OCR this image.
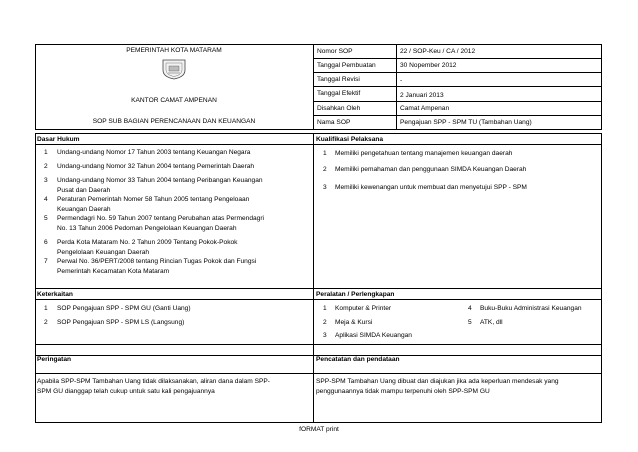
PEMERINTAH KOTA MATARAM
KANTOR CAMAT AMPENAN
SOP SUB BAGIAN PERENCANAAN DAN KEUANGAN
Nomor SOP	22 / SOP-Keu / CA / 2012
Tanggal Pembuatan	30 Nopember 2012
Tanggal Revisi	-
Tanggal Efektif	2 Januari 2013
Disahkan Oleh	Camat Ampenan
Nama SOP	Pengajuan SPP - SPM TU (Tambahan Uang)
Dasar Hukum
1 Undang-undang Nomor 17 Tahun 2003 tentang Keuangan Negara
2 Undang-undang Nomor 32 Tahun 2004 tentang Pemerintah Daerah
3 Undang-undang Nomor 33 Tahun 2004 tentang Peribangan Keuangan
Pusat dan Daerah
4 Peraturan Pemerintah Nomer 58 Tahun 2005 tentang Pengeloaan
Keuangan Daerah
5 Permendagri No. 59 Tahun 2007 tentang Perubahan atas Permendagri
No. 13 Tahun 2006 Pedoman Pengelolaan Keuangan Daerah
6 Perda Kota Mataram No. 2 Tahun 2009 Tentang Pokok-Pokok
Pengelolaan Keuangan Daerah
7 Perwal No. 36/PERT/2008 tentang Rincian Tugas Pokok dan Fungsi
Pemerintah Kecamatan Kota Mataram
Kualifikasi Pelaksana
1 Memiliki pengetahuan tentang manajemen keuangan daerah
2 Memiliki pemahaman dan penggunaan SIMDA Keuangan Daerah
3 Memiliki kewenangan untuk membuat dan menyetujui SPP - SPM
Keterkaitan
1 SOP Pengajuan SPP - SPM GU (Ganti Uang)
2 SOP Pengajuan SPP - SPM LS (Langsung)
Peralatan / Perlengkapan
1 Komputer & Printer
2 Meja & Kursi
3 Aplikasi SIMDA Keuangan
4 Buku-Buku Administrasi Keuangan
5 ATK, dll
Peringatan
Apabila SPP-SPM Tambahan Uang tidak dilaksanakan, aliran dana dalam SPP-
SPM GU dianggap telah cukup untuk satu kali pengajuannya
Pencatatan dan pendataan
SPP-SPM Tambahan Uang dibuat dan diajukan jika ada keperluan mendesak yang
penggunaannya tidak mampu terpenuhi oleh SPP-SPM GU
fORMAT print
